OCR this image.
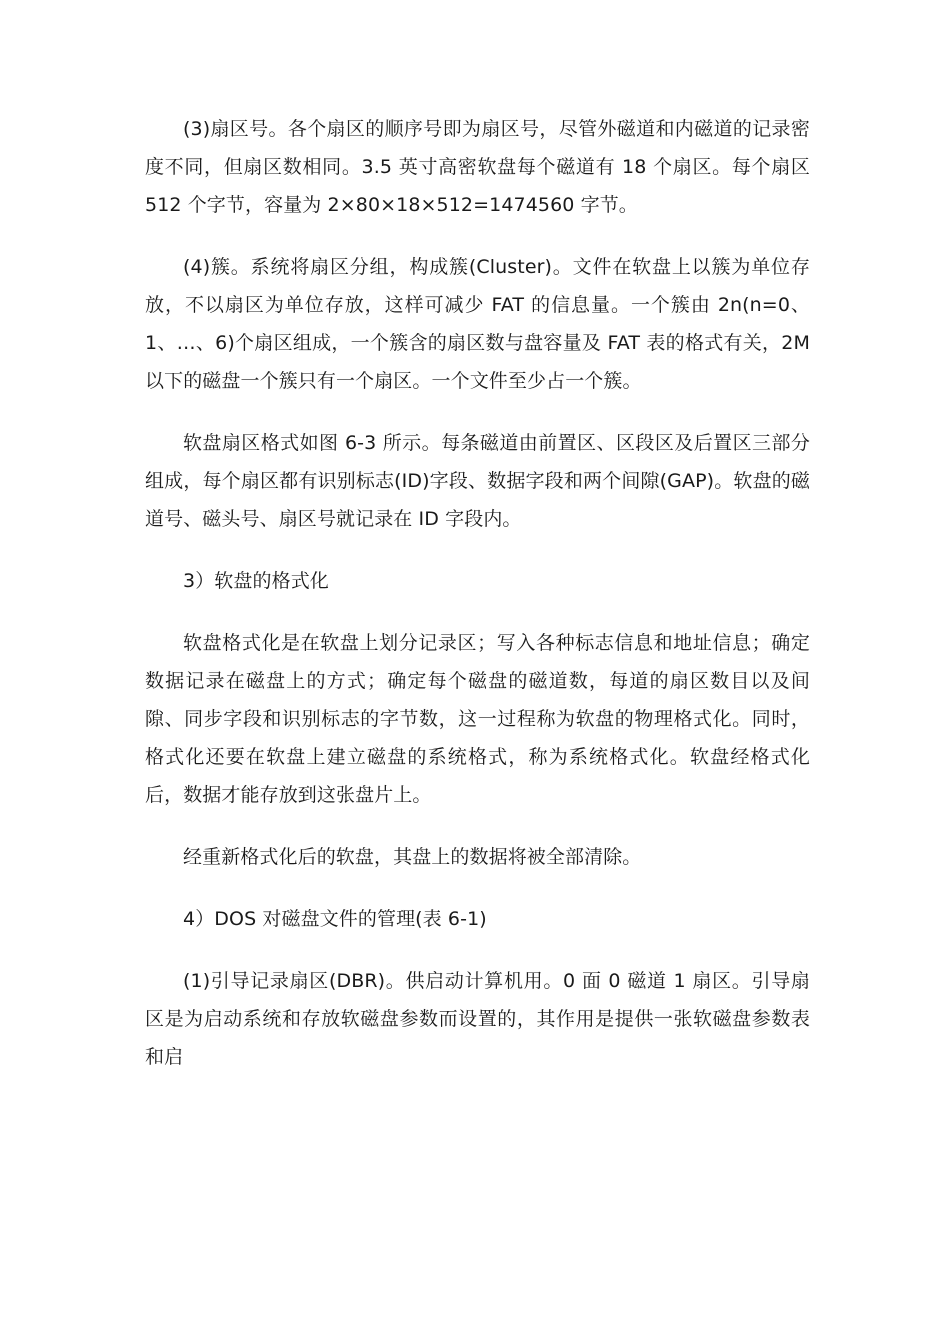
(3)扇区号。各个扇区的顺序号即为扇区号，尽管外磁道和内磁道的记录密度不同，但扇区数相同。3.5 英寸高密软盘每个磁道有 18 个扇区。每个扇区 512 个字节，容量为 2×80×18×512=1474560 字节。

(4)簇。系统将扇区分组，构成簇(Cluster)。文件在软盘上以簇为单位存放，不以扇区为单位存放，这样可减少 FAT 的信息量。一个簇由 2n(n=0、1、…、6)个扇区组成，一个簇含的扇区数与盘容量及 FAT 表的格式有关，2M 以下的磁盘一个簇只有一个扇区。一个文件至少占一个簇。

软盘扇区格式如图 6-3 所示。每条磁道由前置区、区段区及后置区三部分组成，每个扇区都有识别标志(ID)字段、数据字段和两个间隙(GAP)。软盘的磁道号、磁头号、扇区号就记录在 ID 字段内。

3）软盘的格式化

软盘格式化是在软盘上划分记录区；写入各种标志信息和地址信息；确定数据记录在磁盘上的方式；确定每个磁盘的磁道数，每道的扇区数目以及间隙、同步字段和识别标志的字节数，这一过程称为软盘的物理格式化。同时，格式化还要在软盘上建立磁盘的系统格式，称为系统格式化。软盘经格式化后，数据才能存放到这张盘片上。

经重新格式化后的软盘，其盘上的数据将被全部清除。

4）DOS 对磁盘文件的管理(表 6-1)

(1)引导记录扇区(DBR)。供启动计算机用。0 面 0 磁道 1 扇区。引导扇区是为启动系统和存放软磁盘参数而设置的，其作用是提供一张软磁盘参数表和启
